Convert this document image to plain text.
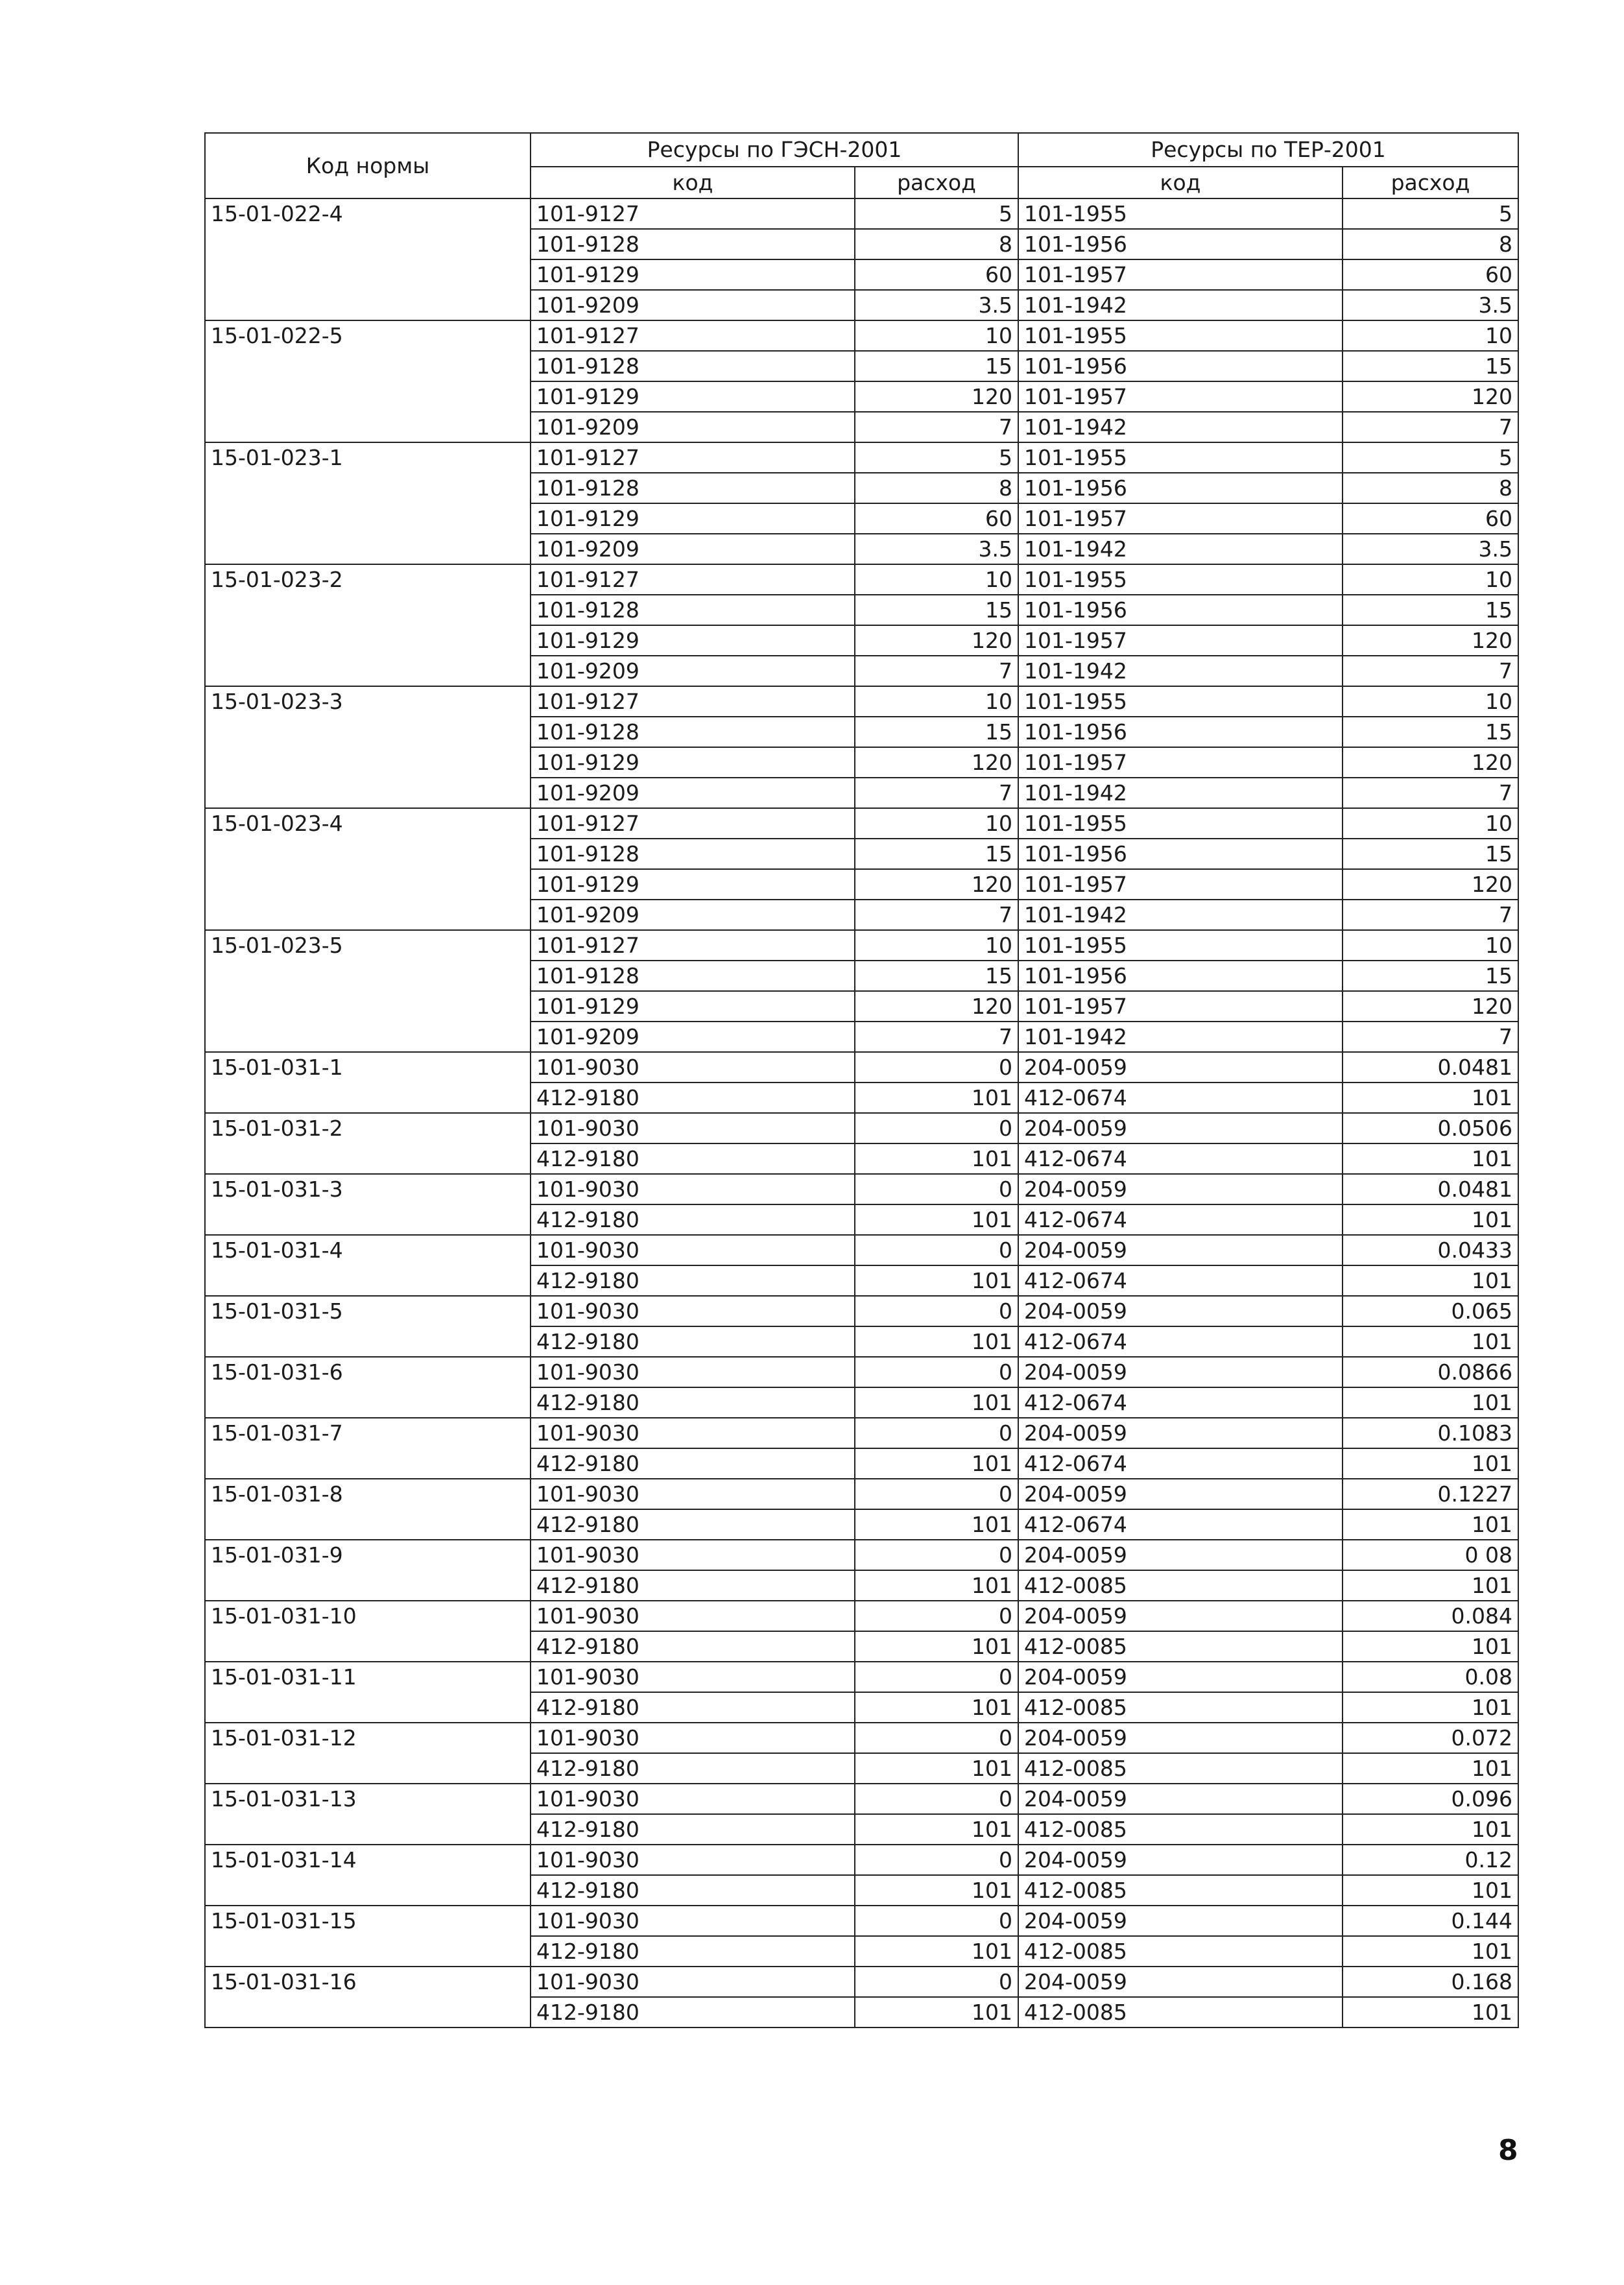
Код нормы	Ресурсы по ГЭСН-2001		Ресурсы по ТЕР-2001	
	код	расход	код	расход
15-01-022-4	101-9127	5	101-1955	5
	101-9128	8	101-1956	8
	101-9129	60	101-1957	60
	101-9209	3.5	101-1942	3.5
15-01-022-5	101-9127	10	101-1955	10
	101-9128	15	101-1956	15
	101-9129	120	101-1957	120
	101-9209	7	101-1942	7
15-01-023-1	101-9127	5	101-1955	5
	101-9128	8	101-1956	8
	101-9129	60	101-1957	60
	101-9209	3.5	101-1942	3.5
15-01-023-2	101-9127	10	101-1955	10
	101-9128	15	101-1956	15
	101-9129	120	101-1957	120
	101-9209	7	101-1942	7
15-01-023-3	101-9127	10	101-1955	10
	101-9128	15	101-1956	15
	101-9129	120	101-1957	120
	101-9209	7	101-1942	7
15-01-023-4	101-9127	10	101-1955	10
	101-9128	15	101-1956	15
	101-9129	120	101-1957	120
	101-9209	7	101-1942	7
15-01-023-5	101-9127	10	101-1955	10
	101-9128	15	101-1956	15
	101-9129	120	101-1957	120
	101-9209	7	101-1942	7
15-01-031-1	101-9030	0	204-0059	0.0481
	412-9180	101	412-0674	101
15-01-031-2	101-9030	0	204-0059	0.0506
	412-9180	101	412-0674	101
15-01-031-3	101-9030	0	204-0059	0.0481
	412-9180	101	412-0674	101
15-01-031-4	101-9030	0	204-0059	0.0433
	412-9180	101	412-0674	101
15-01-031-5	101-9030	0	204-0059	0.065
	412-9180	101	412-0674	101
15-01-031-6	101-9030	0	204-0059	0.0866
	412-9180	101	412-0674	101
15-01-031-7	101-9030	0	204-0059	0.1083
	412-9180	101	412-0674	101
15-01-031-8	101-9030	0	204-0059	0.1227
	412-9180	101	412-0674	101
15-01-031-9	101-9030	0	204-0059	0 08
	412-9180	101	412-0085	101
15-01-031-10	101-9030	0	204-0059	0.084
	412-9180	101	412-0085	101
15-01-031-11	101-9030	0	204-0059	0.08
	412-9180	101	412-0085	101
15-01-031-12	101-9030	0	204-0059	0.072
	412-9180	101	412-0085	101
15-01-031-13	101-9030	0	204-0059	0.096
	412-9180	101	412-0085	101
15-01-031-14	101-9030	0	204-0059	0.12
	412-9180	101	412-0085	101
15-01-031-15	101-9030	0	204-0059	0.144
	412-9180	101	412-0085	101
15-01-031-16	101-9030	0	204-0059	0.168
	412-9180	101	412-0085	101
8
